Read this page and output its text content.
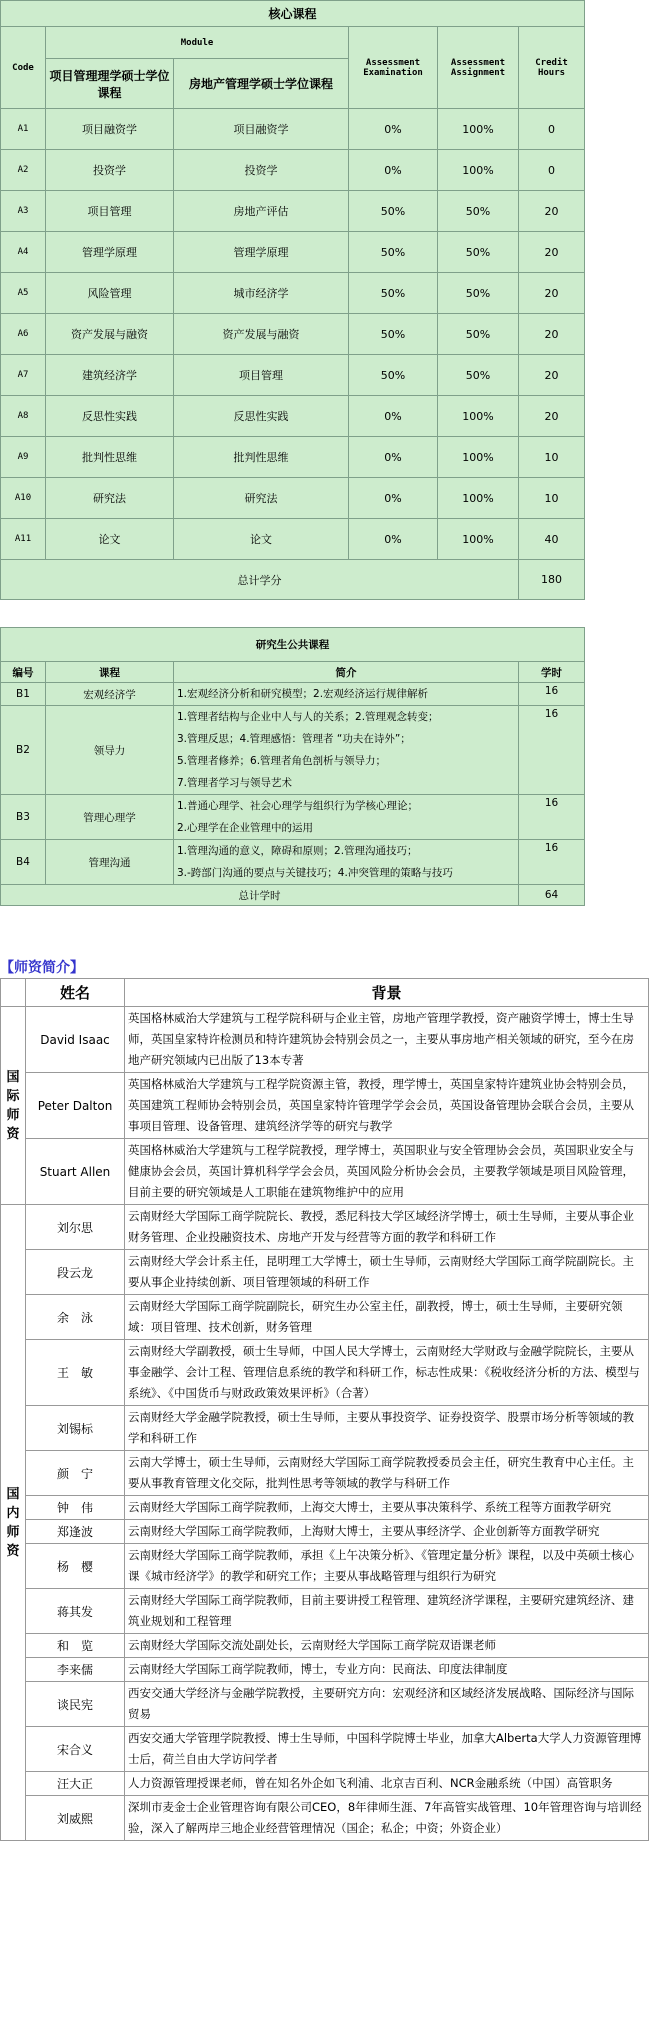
核心课程					
Code	Module		Assessment Examination	Assessment Assignment	Credit Hours
	项目管理理学硕士学位课程	房地产管理学硕士学位课程			
A1	项目融资学	项目融资学	0%	100%	0
A2	投资学	投资学	0%	100%	0
A3	项目管理	房地产评估	50%	50%	20
A4	管理学原理	管理学原理	50%	50%	20
A5	风险管理	城市经济学	50%	50%	20
A6	资产发展与融资	资产发展与融资	50%	50%	20
A7	建筑经济学	项目管理	50%	50%	20
A8	反思性实践	反思性实践	0%	100%	20
A9	批判性思维	批判性思维	0%	100%	10
A10	研究法	研究法	0%	100%	10
A11	论文	论文	0%	100%	40
总计学分					180
研究生公共课程			
编号	课程	简介	学时
B1	宏观经济学	1.宏观经济分析和研究模型；2.宏观经济运行规律解析	16
B2	领导力	1.管理者结构与企业中人与人的关系；2.管理观念转变；
3.管理反思；4.管理感悟：管理者 “功夫在诗外”；
5.管理者修养；6.管理者角色剖析与领导力；
7.管理者学习与领导艺术	16
B3	管理心理学	1.普通心理学、社会心理学与组织行为学核心理论；
2.心理学在企业管理中的运用	16
B4	管理沟通	1.管理沟通的意义，障碍和原则；2.管理沟通技巧；
3.-跨部门沟通的要点与关键技巧；4.冲突管理的策略与技巧	16
总计学时			64
【师资简介】
	姓名	背景
国际师资	David Isaac	英国格林威治大学建筑与工程学院科研与企业主管，房地产管理学教授，资产融资学博士，博士生导师，英国皇家特许检测员和特许建筑协会特别会员之一，主要从事房地产相关领域的研究，至今在房地产研究领域内已出版了13本专著
	Peter Dalton	英国格林威治大学建筑与工程学院资源主管，教授，理学博士，英国皇家特许建筑业协会特别会员，英国建筑工程师协会特别会员，英国皇家特许管理学学会会员，英国设备管理协会联合会员，主要从事项目管理、设备管理、建筑经济学等的研究与教学
	Stuart Allen	英国格林威治大学建筑与工程学院教授，理学博士，英国职业与安全管理协会会员，英国职业安全与健康协会会员，英国计算机科学学会会员，英国风险分析协会会员，主要教学领域是项目风险管理，目前主要的研究领域是人工职能在建筑物维护中的应用
国内师资	刘尔思	云南财经大学国际工商学院院长、教授，悉尼科技大学区域经济学博士，硕士生导师，主要从事企业财务管理、企业投融资技术、房地产开发与经营等方面的教学和科研工作
	段云龙	云南财经大学会计系主任，昆明理工大学博士，硕士生导师，云南财经大学国际工商学院副院长。主要从事企业持续创新、项目管理领域的科研工作
	余　泳	云南财经大学国际工商学院副院长，研究生办公室主任，副教授，博士，硕士生导师，主要研究领域：项目管理、技术创新，财务管理
	王　敏	云南财经大学副教授，硕士生导师，中国人民大学博士，云南财经大学财政与金融学院院长，主要从事金融学、会计工程、管理信息系统的教学和科研工作，标志性成果：《税收经济分析的方法、模型与系统》、《中国货币与财政政策效果评析》（合著）
	刘锡标	云南财经大学金融学院教授，硕士生导师，主要从事投资学、证券投资学、股票市场分析等领域的教学和科研工作
	颜　宁	云南大学博士，硕士生导师，云南财经大学国际工商学院教授委员会主任，研究生教育中心主任。主要从事教育管理文化交际，批判性思考等领域的教学与科研工作
	钟　伟	云南财经大学国际工商学院教师，上海交大博士，主要从事决策科学、系统工程等方面教学研究
	郑逢波	云南财经大学国际工商学院教师，上海财大博士，主要从事经济学、企业创新等方面教学研究
	杨　樱	云南财经大学国际工商学院教师，承担《上午决策分析》、《管理定量分析》课程，以及中英硕士核心课《城市经济学》的教学和研究工作；主要从事战略管理与组织行为研究
	蒋其发	云南财经大学国际工商学院教师，目前主要讲授工程管理、建筑经济学课程，主要研究建筑经济、建筑业规划和工程管理
	和　览	云南财经大学国际交流处副处长，云南财经大学国际工商学院双语课老师
	李来儒	云南财经大学国际工商学院教师，博士，专业方向：民商法、印度法律制度
	谈民宪	西安交通大学经济与金融学院教授，主要研究方向：宏观经济和区域经济发展战略、国际经济与国际贸易
	宋合义	西安交通大学管理学院教授、博士生导师，中国科学院博士毕业，加拿大Alberta大学人力资源管理博士后，荷兰自由大学访问学者
	汪大正	人力资源管理授课老师，曾在知名外企如飞利浦、北京吉百利、NCR金融系统（中国）高管职务
	刘威熙	深圳市麦金士企业管理咨询有限公司CEO，8年律师生涯、7年高管实战管理、10年管理咨询与培训经验，深入了解两岸三地企业经营管理情况（国企；私企；中资；外资企业）
